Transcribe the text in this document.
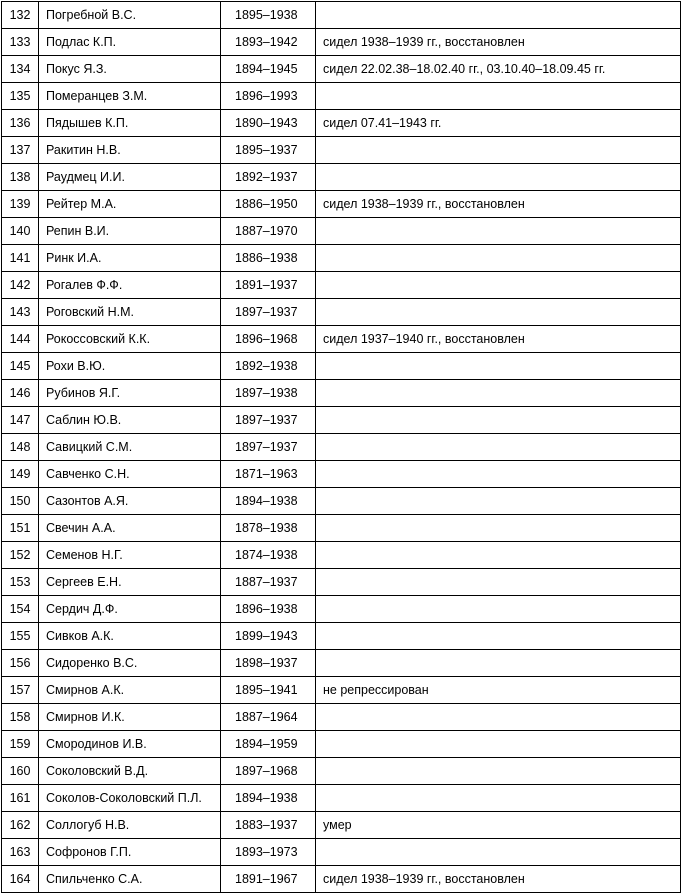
132	Погребной В.С.	1895–1938	
133	Подлас К.П.	1893–1942	сидел 1938–1939 гг., восстановлен
134	Покус Я.З.	1894–1945	сидел 22.02.38–18.02.40 гг., 03.10.40–18.09.45 гг.
135	Померанцев З.М.	1896–1993	
136	Пядышев К.П.	1890–1943	сидел 07.41–1943 гг.
137	Ракитин Н.В.	1895–1937	
138	Раудмец И.И.	1892–1937	
139	Рейтер М.А.	1886–1950	сидел 1938–1939 гг., восстановлен
140	Репин В.И.	1887–1970	
141	Ринк И.А.	1886–1938	
142	Рогалев Ф.Ф.	1891–1937	
143	Роговский Н.М.	1897–1937	
144	Рокоссовский К.К.	1896–1968	сидел 1937–1940 гг., восстановлен
145	Рохи В.Ю.	1892–1938	
146	Рубинов Я.Г.	1897–1938	
147	Саблин Ю.В.	1897–1937	
148	Савицкий С.М.	1897–1937	
149	Савченко С.Н.	1871–1963	
150	Сазонтов А.Я.	1894–1938	
151	Свечин А.А.	1878–1938	
152	Семенов Н.Г.	1874–1938	
153	Сергеев Е.Н.	1887–1937	
154	Сердич Д.Ф.	1896–1938	
155	Сивков А.К.	1899–1943	
156	Сидоренко В.С.	1898–1937	
157	Смирнов А.К.	1895–1941	не репрессирован
158	Смирнов И.К.	1887–1964	
159	Смородинов И.В.	1894–1959	
160	Соколовский В.Д.	1897–1968	
161	Соколов-Соколовский П.Л.	1894–1938	
162	Соллогуб Н.В.	1883–1937	умер
163	Софронов Г.П.	1893–1973	
164	Спильченко С.А.	1891–1967	сидел 1938–1939 гг., восстановлен
